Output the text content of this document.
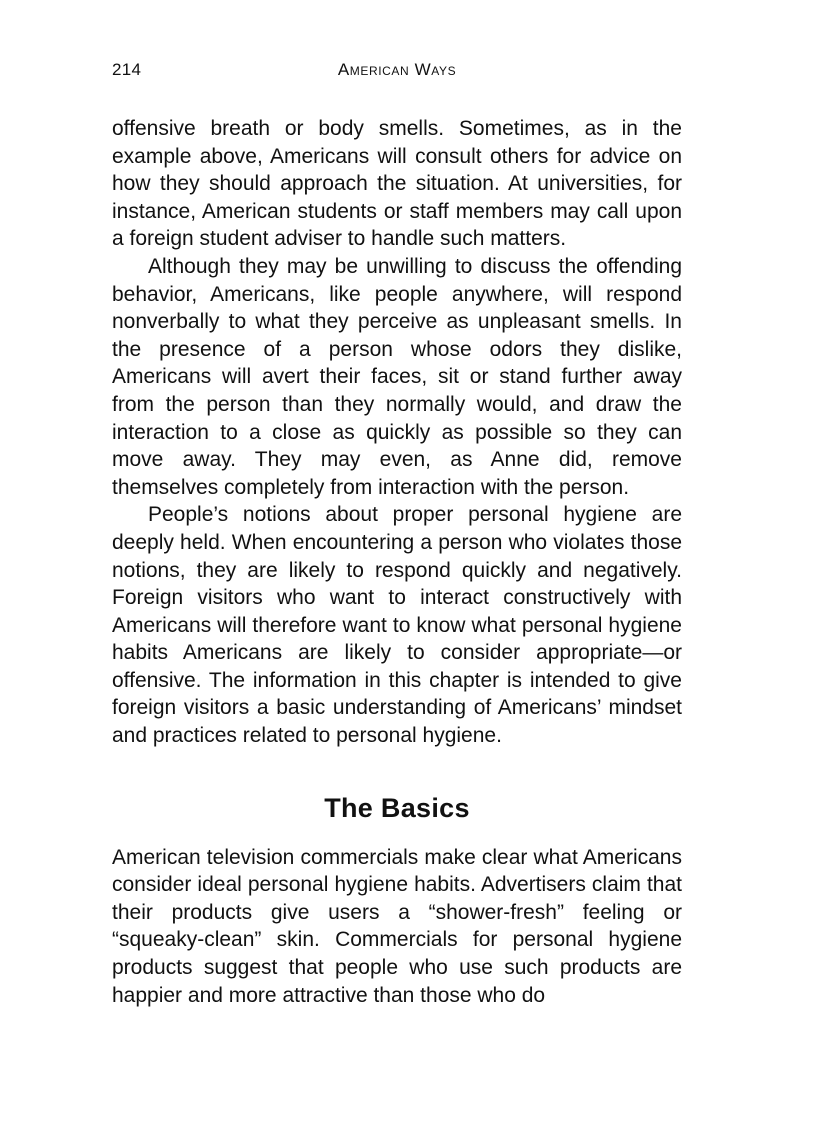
214	American Ways

offensive breath or body smells. Sometimes, as in the example above, Americans will consult others for advice on how they should approach the situation. At universities, for instance, American students or staff members may call upon a foreign student adviser to handle such matters.

Although they may be unwilling to discuss the offending behavior, Americans, like people anywhere, will respond nonverbally to what they perceive as unpleasant smells. In the presence of a person whose odors they dislike, Americans will avert their faces, sit or stand further away from the person than they normally would, and draw the interaction to a close as quickly as possible so they can move away. They may even, as Anne did, remove themselves completely from interaction with the person.

People’s notions about proper personal hygiene are deeply held. When encountering a person who violates those notions, they are likely to respond quickly and negatively. Foreign visitors who want to interact constructively with Americans will therefore want to know what personal hygiene habits Americans are likely to consider appropriate—or offensive. The information in this chapter is intended to give foreign visitors a basic understanding of Americans’ mindset and practices related to personal hygiene.

The Basics

American television commercials make clear what Americans consider ideal personal hygiene habits. Advertisers claim that their products give users a “shower-fresh” feeling or “squeaky-clean” skin. Commercials for personal hygiene products suggest that people who use such products are happier and more attractive than those who do
